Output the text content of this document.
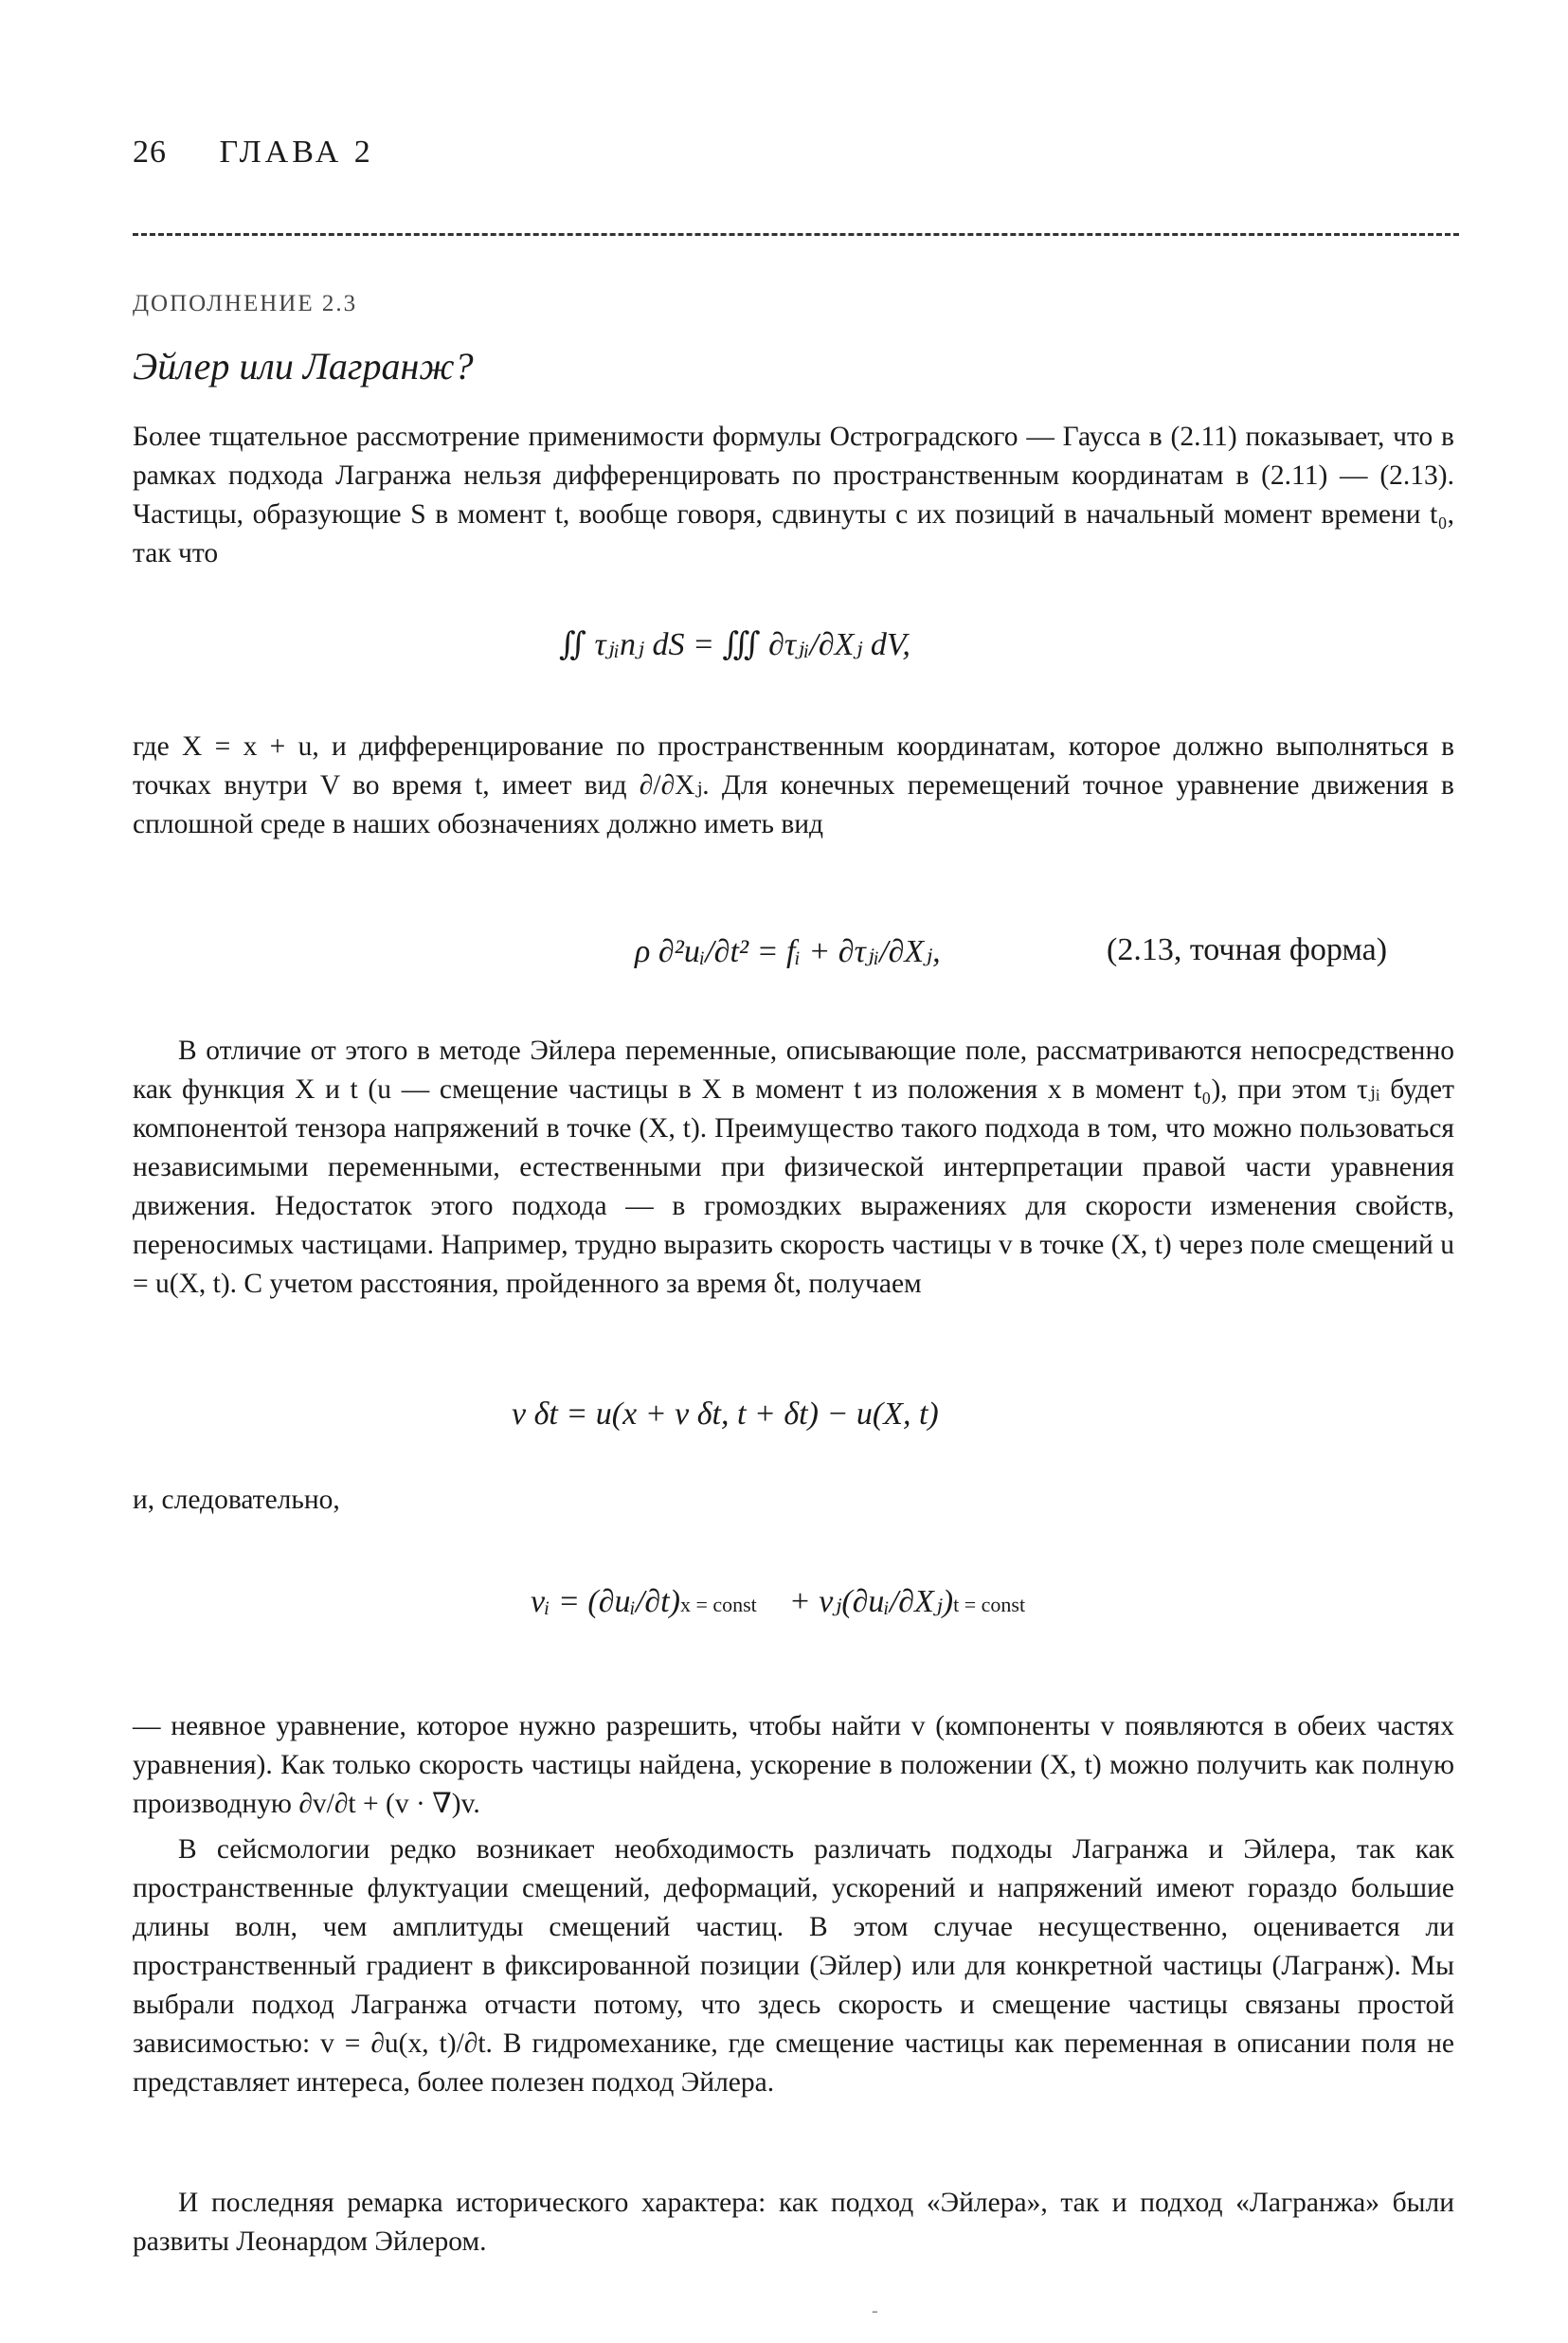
26 ГЛАВА 2
ДОПОЛНЕНИЕ 2.3
Эйлер или Лагранж?

Более тщательное рассмотрение применимости формулы Остроградского — Гаусса в (2.11) показывает, что в рамках подхода Лагранжа нельзя дифференцировать по пространственным координатам в (2.11) — (2.13). Частицы, образующие S в момент t, вообще говоря, сдвинуты с их позиций в начальный момент времени t₀, так что

∬ τⱼᵢnⱼ dS = ∭ ∂τⱼᵢ/∂Xⱼ dV,

где X = x + u, и дифференцирование по пространственным координатам, которое должно выполняться в точках внутри V во время t, имеет вид ∂/∂Xⱼ. Для конечных перемещений точное уравнение движения в сплошной среде в наших обозначениях должно иметь вид

ρ ∂²uᵢ/∂t² = fᵢ + ∂τⱼᵢ/∂Xⱼ,	(2.13, точная форма)

В отличие от этого в методе Эйлера переменные, описывающие поле, рассматриваются непосредственно как функция X и t (u — смещение частицы в X в момент t из положения x в момент t₀), при этом τⱼᵢ будет компонентой тензора напряжений в точке (X, t). Преимущество такого подхода в том, что можно пользоваться независимыми переменными, естественными при физической интерпретации правой части уравнения движения. Недостаток этого подхода — в громоздких выражениях для скорости изменения свойств, переносимых частицами. Например, трудно выразить скорость частицы v в точке (X, t) через поле смещений u = u(X, t). С учетом расстояния, пройденного за время δt, получаем

v δt = u(x + v δt, t + δt) − u(X, t)
и, следовательно,
vᵢ = (∂uᵢ/∂t)x = const + vⱼ(∂uᵢ/∂Xⱼ)t = const

— неявное уравнение, которое нужно разрешить, чтобы найти v (компоненты v появляются в обеих частях уравнения). Как только скорость частицы найдена, ускорение в положении (X, t) можно получить как полную производную ∂v/∂t + (v · ∇)v.

В сейсмологии редко возникает необходимость различать подходы Лагранжа и Эйлера, так как пространственные флуктуации смещений, деформаций, ускорений и напряжений имеют гораздо большие длины волн, чем амплитуды смещений частиц. В этом случае несущественно, оценивается ли пространственный градиент в фиксированной позиции (Эйлер) или для конкретной частицы (Лагранж). Мы выбрали подход Лагранжа отчасти потому, что здесь скорость и смещение частицы связаны простой зависимостью: v = ∂u(x, t)/∂t. В гидромеханике, где смещение частицы как переменная в описании поля не представляет интереса, более полезен подход Эйлера.

И последняя ремарка исторического характера: как подход «Эйлера», так и подход «Лагранжа» были развиты Леонардом Эйлером.

-
